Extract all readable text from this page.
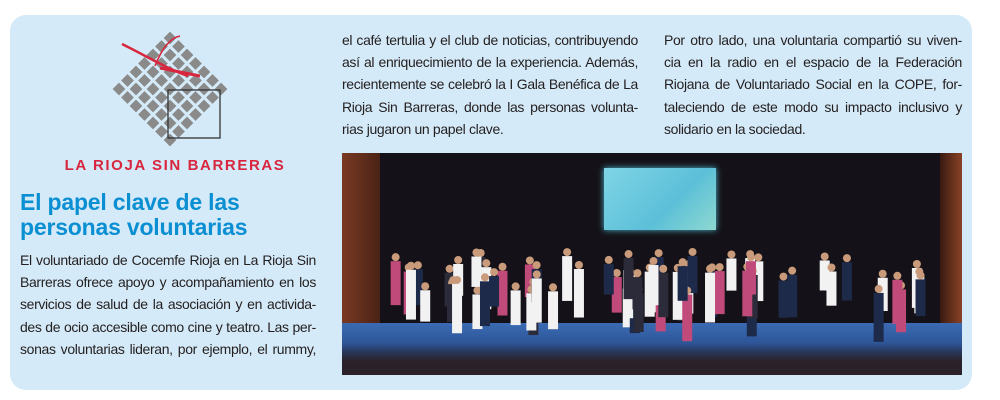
LA RIOJA SIN BARRERAS
El papel clave de las
personas voluntarias
El voluntariado de Cocemfe Rioja en La Rioja Sin
Barreras ofrece apoyo y acompañamiento en los
servicios de salud de la asociación y en activida-
des de ocio accesible como cine y teatro. Las per-
sonas voluntarias lideran, por ejemplo, el rummy,
el café tertulia y el club de noticias, contribuyendo
así al enriquecimiento de la experiencia. Además,
recientemente se celebró la I Gala Benéfica de La
Rioja Sin Barreras, donde las personas volunta-
rias jugaron un papel clave.
Por otro lado, una voluntaria compartió su viven-
cia en la radio en el espacio de la Federación
Riojana de Voluntariado Social en la COPE, for-
taleciendo de este modo su impacto inclusivo y
solidario en la sociedad.
